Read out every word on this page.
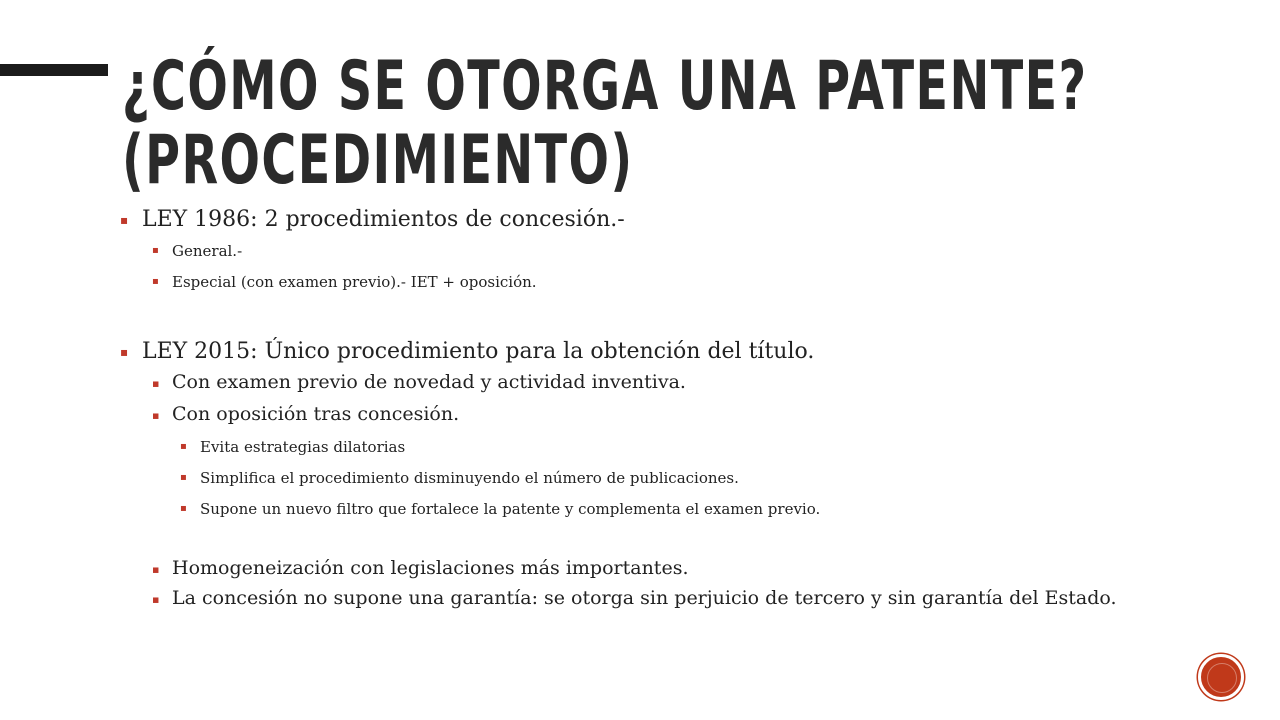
¿CÓMO SE OTORGA UNA PATENTE?
(PROCEDIMIENTO)
▪ LEY 1986: 2 procedimientos de concesión.-
▪ General.-
▪ Especial (con examen previo).- IET + oposición.
▪ LEY 2015: Único procedimiento para la obtención del título.
▪ Con examen previo de novedad y actividad inventiva.
▪ Con oposición tras concesión.
▪ Evita estrategias dilatorias
▪ Simplifica el procedimiento disminuyendo el número de publicaciones.
▪ Supone un nuevo filtro que fortalece la patente y complementa el examen previo.
▪ Homogeneización con legislaciones más importantes.
▪ La concesión no supone una garantía: se otorga sin perjuicio de tercero y sin garantía del Estado.
